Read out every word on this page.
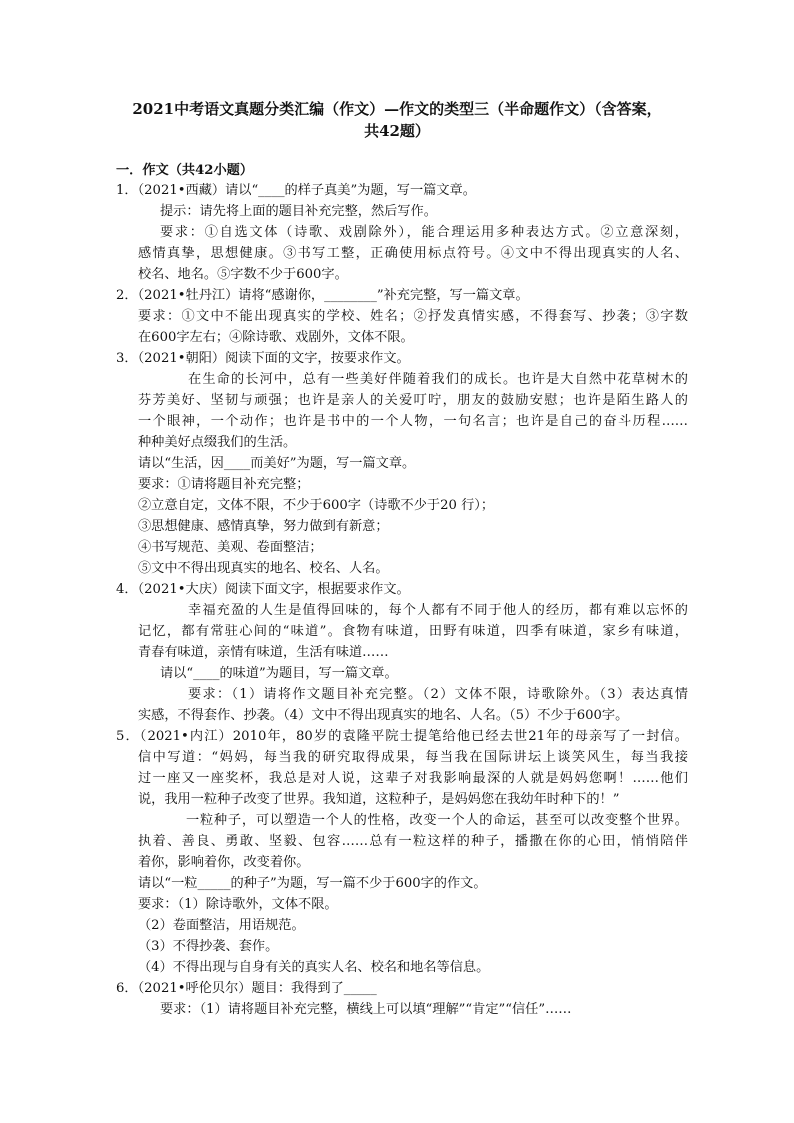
2021中考语文真题分类汇编（作文）—作文的类型三（半命题作文）（含答案，
共42题）
一．作文（共42小题）
1．（2021•西藏）请以“____的样子真美”为题，写一篇文章。
提示：请先将上面的题目补充完整，然后写作。
要求：①自选文体（诗歌、戏剧除外），能合理运用多种表达方式。②立意深刻，
感情真挚，思想健康。③书写工整，正确使用标点符号。④文中不得出现真实的人名、
校名、地名。⑤字数不少于600字。
2．（2021•牡丹江）请将“感谢你，________”补充完整，写一篇文章。
要求：①文中不能出现真实的学校、姓名；②抒发真情实感，不得套写、抄袭；③字数
在600字左右；④除诗歌、戏剧外，文体不限。
3．（2021•朝阳）阅读下面的文字，按要求作文。
在生命的长河中，总有一些美好伴随着我们的成长。也许是大自然中花草树木的
芬芳美好、坚韧与顽强；也许是亲人的关爱叮咛，朋友的鼓励安慰；也许是陌生路人的
一个眼神，一个动作；也许是书中的一个人物，一句名言；也许是自己的奋斗历程……
种种美好点缀我们的生活。
请以“生活，因____而美好”为题，写一篇文章。
要求：①请将题目补充完整；
②立意自定，文体不限，不少于600字（诗歌不少于20 行）；
③思想健康、感情真挚，努力做到有新意；
④书写规范、美观、卷面整洁；
⑤文中不得出现真实的地名、校名、人名。
4．（2021•大庆）阅读下面文字，根据要求作文。
幸福充盈的人生是值得回味的，每个人都有不同于他人的经历，都有难以忘怀的
记忆，都有常驻心间的“味道”。食物有味道，田野有味道，四季有味道，家乡有味道，
青春有味道，亲情有味道，生活有味道……
请以“____的味道”为题目，写一篇文章。
要求：（1）请将作文题目补充完整。（2）文体不限，诗歌除外。（3）表达真情
实感，不得套作、抄袭。（4）文中不得出现真实的地名、人名。（5）不少于600字。
5．（2021•内江）2010年，80岁的袁隆平院士提笔给他已经去世21年的母亲写了一封信。
信中写道：“妈妈，每当我的研究取得成果，每当我在国际讲坛上谈笑风生，每当我接
过一座又一座奖杯，我总是对人说，这辈子对我影响最深的人就是妈妈您啊！……他们
说，我用一粒种子改变了世界。我知道，这粒种子，是妈妈您在我幼年时种下的！”
一粒种子，可以塑造一个人的性格，改变一个人的命运，甚至可以改变整个世界。
执着、善良、勇敢、坚毅、包容……总有一粒这样的种子，播撒在你的心田，悄悄陪伴
着你，影响着你，改变着你。
请以“一粒_____的种子”为题，写一篇不少于600字的作文。
要求：（1）除诗歌外，文体不限。
（2）卷面整洁，用语规范。
（3）不得抄袭、套作。
（4）不得出现与自身有关的真实人名、校名和地名等信息。
6．（2021•呼伦贝尔）题目：我得到了_____
要求：（1）请将题目补充完整，横线上可以填“理解”“肯定”“信任”……
